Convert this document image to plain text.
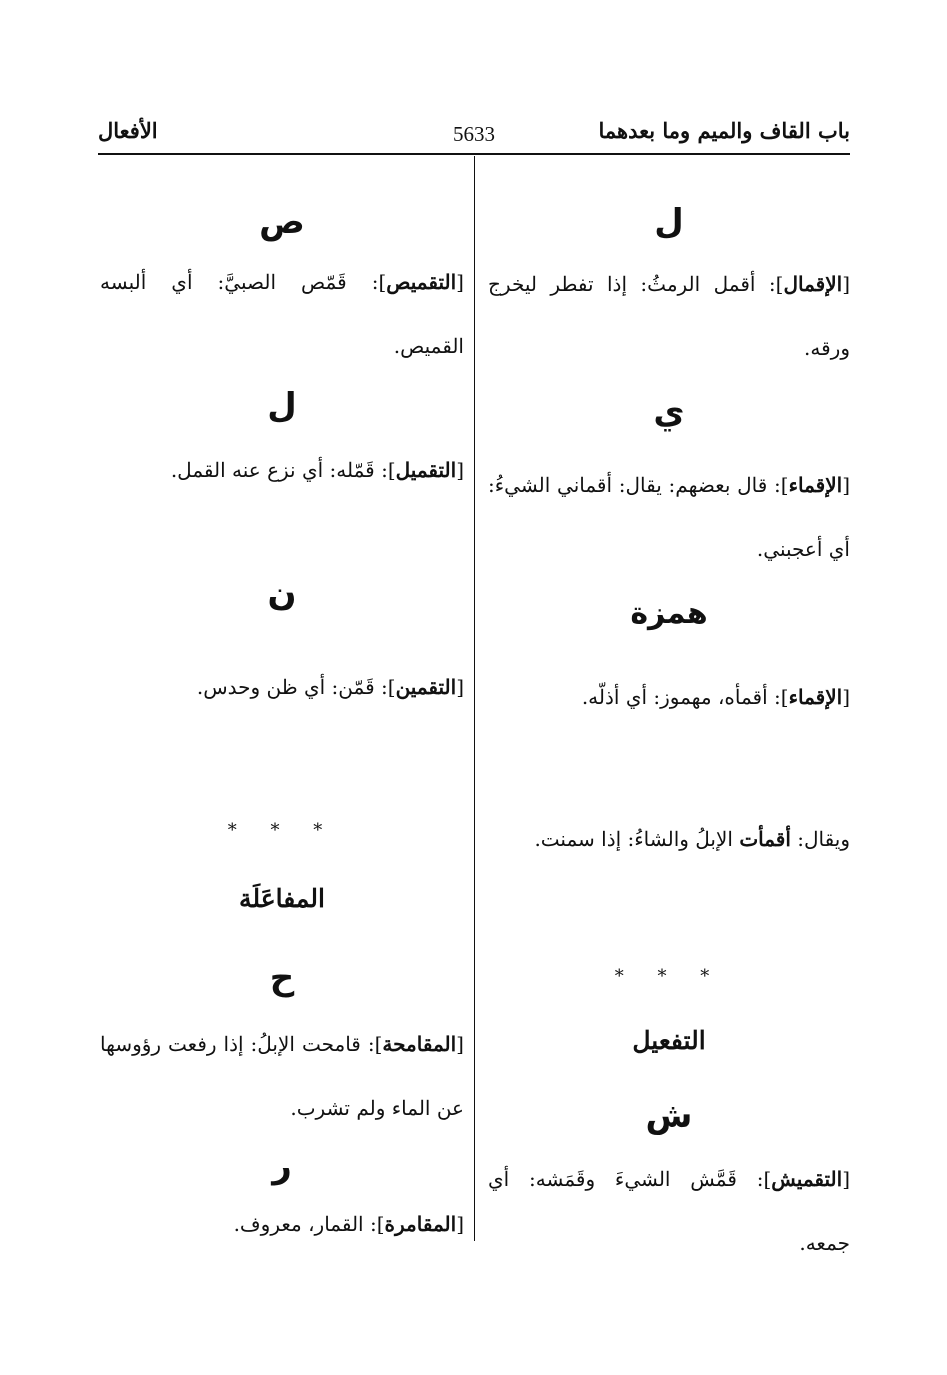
باب القاف والميم وما بعدهما
5633
الأفعال
ل
[الإقمال]: أقمل الرمثُ: إذا تفطر ليخرج ورقه.
ي
[الإقماء]: قال بعضهم: يقال: أقماني الشيءُ: أي أعجبني.
همزة
[الإقماء]: أقمأه، مهموز: أي أذلّه.
ويقال: أقمأت الإبلُ والشاءُ: إذا سمنت.
* * *
التفعيل
ش
[التقميش]: قَمَّش الشيءَ وقَمَشه: أي جمعه.
ص
[التقميص]: قَمّص الصبيَّ: أي ألبسه القميص.
ل
[التقميل]: قَمّله: أي نزع عنه القمل.
ن
[التقمين]: قَمّن: أي ظن وحدس.
* * *
المفاعَلَة
ح
[المقامحة]: قامحت الإبلُ: إذا رفعت رؤوسها عن الماء ولم تشرب.
ر
[المقامرة]: القمار، معروف.
